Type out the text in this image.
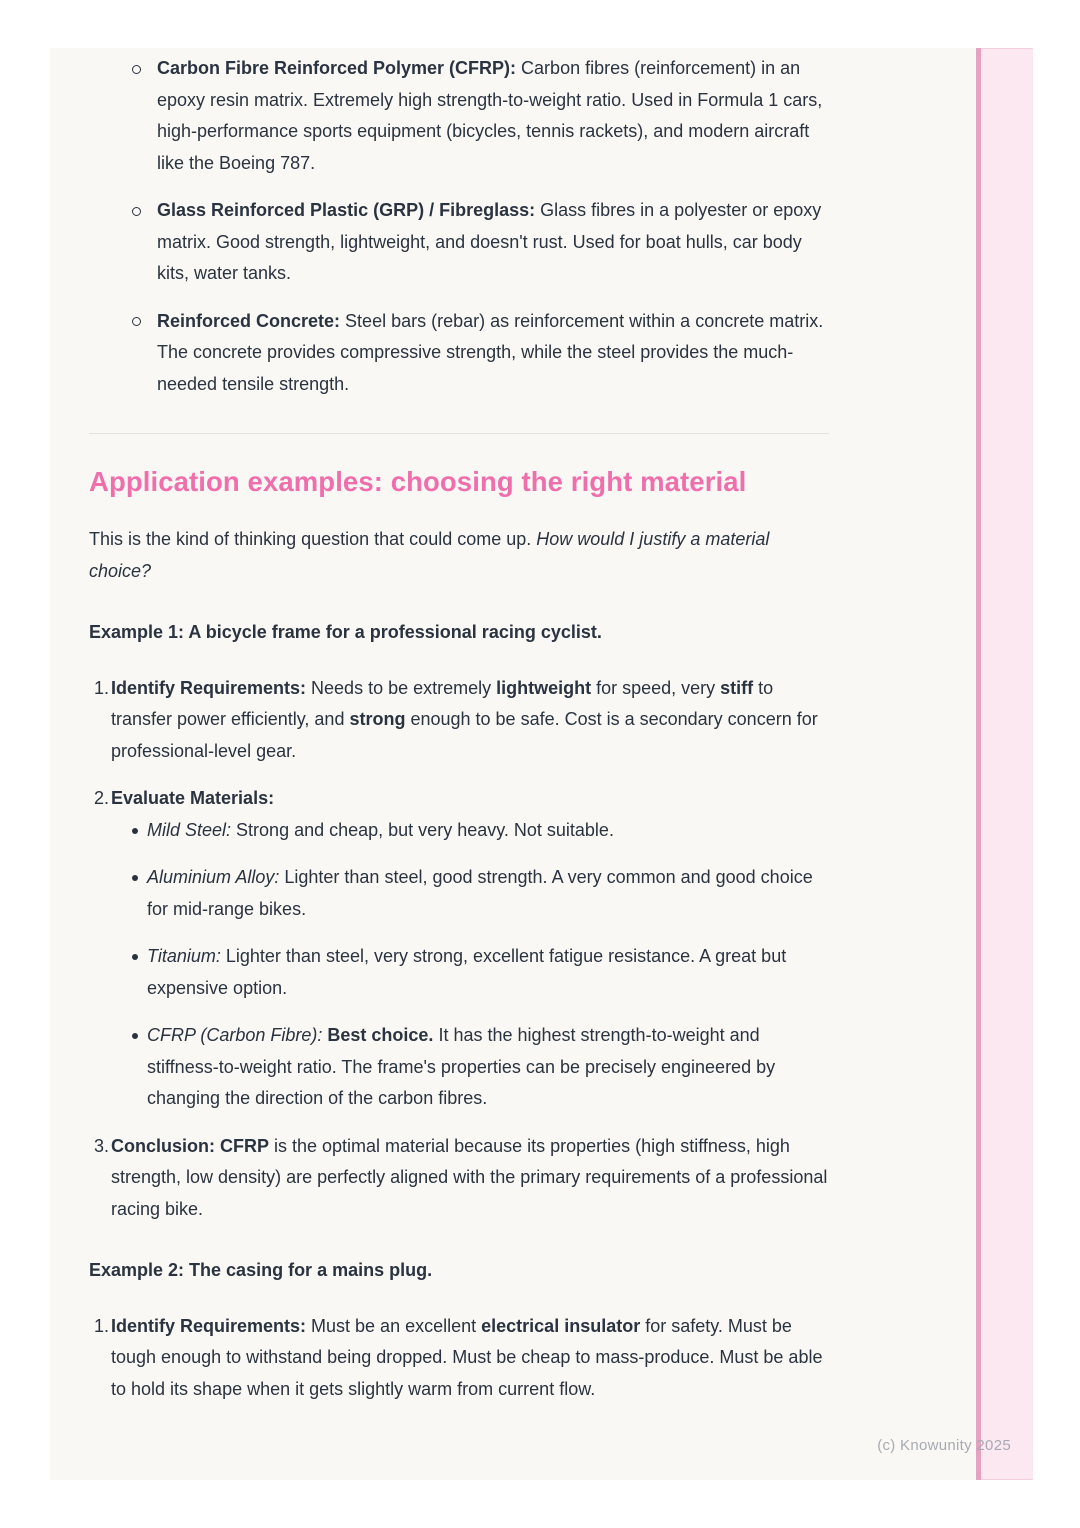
Carbon Fibre Reinforced Polymer (CFRP): Carbon fibres (reinforcement) in an epoxy resin matrix. Extremely high strength-to-weight ratio. Used in Formula 1 cars, high-performance sports equipment (bicycles, tennis rackets), and modern aircraft like the Boeing 787.
Glass Reinforced Plastic (GRP) / Fibreglass: Glass fibres in a polyester or epoxy matrix. Good strength, lightweight, and doesn't rust. Used for boat hulls, car body kits, water tanks.
Reinforced Concrete: Steel bars (rebar) as reinforcement within a concrete matrix. The concrete provides compressive strength, while the steel provides the much-needed tensile strength.
Application examples: choosing the right material

This is the kind of thinking question that could come up. How would I justify a material choice?

Example 1: A bicycle frame for a professional racing cyclist.

1. Identify Requirements: Needs to be extremely lightweight for speed, very stiff to transfer power efficiently, and strong enough to be safe. Cost is a secondary concern for professional-level gear.
2. Evaluate Materials:
Mild Steel: Strong and cheap, but very heavy. Not suitable.
Aluminium Alloy: Lighter than steel, good strength. A very common and good choice for mid-range bikes.
Titanium: Lighter than steel, very strong, excellent fatigue resistance. A great but expensive option.
CFRP (Carbon Fibre): Best choice. It has the highest strength-to-weight and stiffness-to-weight ratio. The frame's properties can be precisely engineered by changing the direction of the carbon fibres.
3. Conclusion: CFRP is the optimal material because its properties (high stiffness, high strength, low density) are perfectly aligned with the primary requirements of a professional racing bike.

Example 2: The casing for a mains plug.

1. Identify Requirements: Must be an excellent electrical insulator for safety. Must be tough enough to withstand being dropped. Must be cheap to mass-produce. Must be able to hold its shape when it gets slightly warm from current flow.
(c) Knowunity 2025
